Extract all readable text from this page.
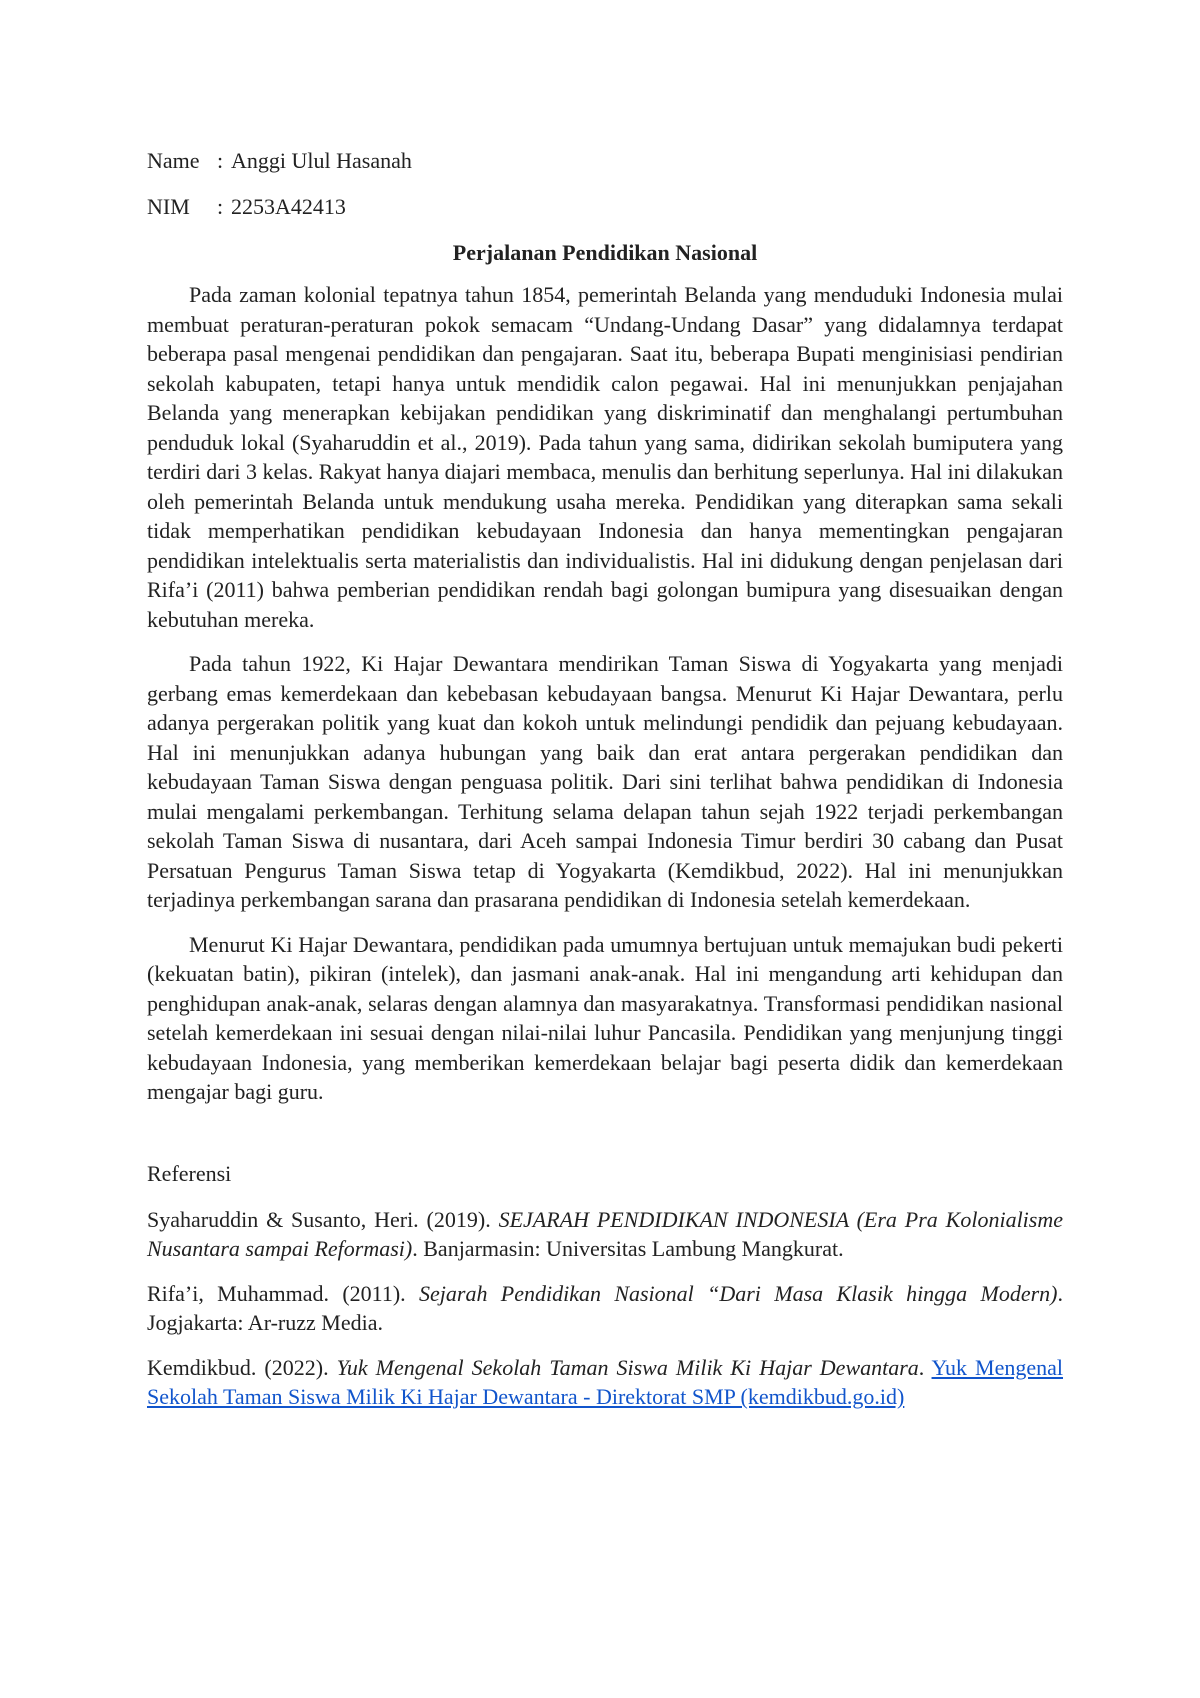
Name : Anggi Ulul Hasanah
NIM : 2253A42413
Perjalanan Pendidikan Nasional

Pada zaman kolonial tepatnya tahun 1854, pemerintah Belanda yang menduduki Indonesia mulai membuat peraturan-peraturan pokok semacam “Undang-Undang Dasar” yang didalamnya terdapat beberapa pasal mengenai pendidikan dan pengajaran. Saat itu, beberapa Bupati menginisiasi pendirian sekolah kabupaten, tetapi hanya untuk mendidik calon pegawai. Hal ini menunjukkan penjajahan Belanda yang menerapkan kebijakan pendidikan yang diskriminatif dan menghalangi pertumbuhan penduduk lokal (Syaharuddin et al., 2019). Pada tahun yang sama, didirikan sekolah bumiputera yang terdiri dari 3 kelas. Rakyat hanya diajari membaca, menulis dan berhitung seperlunya. Hal ini dilakukan oleh pemerintah Belanda untuk mendukung usaha mereka. Pendidikan yang diterapkan sama sekali tidak memperhatikan pendidikan kebudayaan Indonesia dan hanya mementingkan pengajaran pendidikan intelektualis serta materialistis dan individualistis. Hal ini didukung dengan penjelasan dari Rifa’i (2011) bahwa pemberian pendidikan rendah bagi golongan bumipura yang disesuaikan dengan kebutuhan mereka.

Pada tahun 1922, Ki Hajar Dewantara mendirikan Taman Siswa di Yogyakarta yang menjadi gerbang emas kemerdekaan dan kebebasan kebudayaan bangsa. Menurut Ki Hajar Dewantara, perlu adanya pergerakan politik yang kuat dan kokoh untuk melindungi pendidik dan pejuang kebudayaan. Hal ini menunjukkan adanya hubungan yang baik dan erat antara pergerakan pendidikan dan kebudayaan Taman Siswa dengan penguasa politik. Dari sini terlihat bahwa pendidikan di Indonesia mulai mengalami perkembangan. Terhitung selama delapan tahun sejah 1922 terjadi perkembangan sekolah Taman Siswa di nusantara, dari Aceh sampai Indonesia Timur berdiri 30 cabang dan Pusat Persatuan Pengurus Taman Siswa tetap di Yogyakarta (Kemdikbud, 2022). Hal ini menunjukkan terjadinya perkembangan sarana dan prasarana pendidikan di Indonesia setelah kemerdekaan.

Menurut Ki Hajar Dewantara, pendidikan pada umumnya bertujuan untuk memajukan budi pekerti (kekuatan batin), pikiran (intelek), dan jasmani anak-anak. Hal ini mengandung arti kehidupan dan penghidupan anak-anak, selaras dengan alamnya dan masyarakatnya. Transformasi pendidikan nasional setelah kemerdekaan ini sesuai dengan nilai-nilai luhur Pancasila. Pendidikan yang menjunjung tinggi kebudayaan Indonesia, yang memberikan kemerdekaan belajar bagi peserta didik dan kemerdekaan mengajar bagi guru.

Referensi

Syaharuddin & Susanto, Heri. (2019). SEJARAH PENDIDIKAN INDONESIA (Era Pra Kolonialisme Nusantara sampai Reformasi). Banjarmasin: Universitas Lambung Mangkurat.

Rifa’i, Muhammad. (2011). Sejarah Pendidikan Nasional “Dari Masa Klasik hingga Modern). Jogjakarta: Ar-ruzz Media.

Kemdikbud. (2022). Yuk Mengenal Sekolah Taman Siswa Milik Ki Hajar Dewantara. Yuk Mengenal Sekolah Taman Siswa Milik Ki Hajar Dewantara - Direktorat SMP (kemdikbud.go.id)
